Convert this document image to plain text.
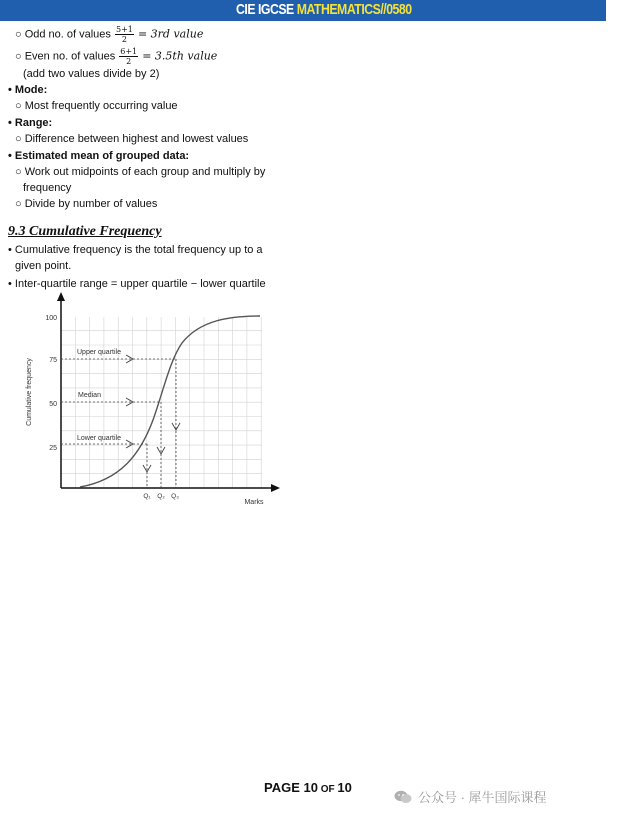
CIE IGCSE MATHEMATICS//0580
○ Odd no. of values $\frac{5+1}{2} = 3rd$ value
○ Even no. of values $\frac{6+1}{2} = 3.5th$ value
(add two values divide by 2)
• Mode:
○ Most frequently occurring value
• Range:
○ Difference between highest and lowest values
• Estimated mean of grouped data:
○ Work out midpoints of each group and multiply by
frequency
○ Divide by number of values
9.3 Cumulative Frequency
• Cumulative frequency is the total frequency up to a
given point.
• Inter-quartile range = upper quartile − lower quartile
100
75
50
25
Cumulative frequency
Marks
Q₁ Q₂ Q₃
Upper quartile
Median
Lower quartile
PAGE 10 OF 10
公众号 · 犀牛国际课程
